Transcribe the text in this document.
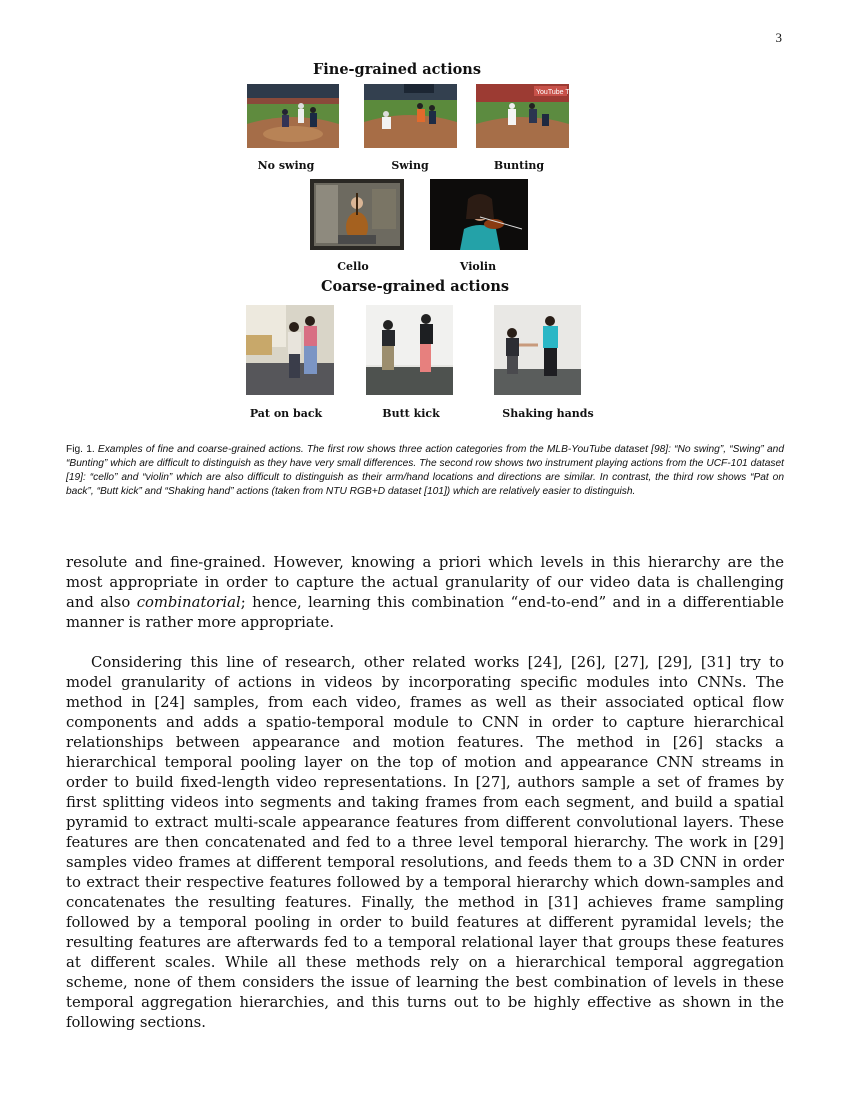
3
Fine-grained actions
YouTube TV
No swing	Swing	Bunting
Cello	Violin
Coarse-grained actions
Pat on back	Butt kick	Shaking hands
Fig. 1. Examples of fine and coarse-grained actions. The first row shows three action categories from the MLB-YouTube dataset [98]: “No swing”, “Swing” and “Bunting” which are difficult to distinguish as they have very small differences. The second row shows two instrument playing actions from the UCF-101 dataset [19]: “cello” and “violin” which are also difficult to distinguish as their arm/hand locations and directions are similar. In contrast, the third row shows “Pat on back”, “Butt kick” and “Shaking hand” actions (taken from NTU RGB+D dataset [101]) which are relatively easier to distinguish.

resolute and fine-grained. However, knowing a priori which levels in this hierarchy are the most appropriate in order to capture the actual granularity of our video data is challenging and also combinatorial; hence, learning this combination “end-to-end” and in a differentiable manner is rather more appropriate.

Considering this line of research, other related works [24], [26], [27], [29], [31] try to model granularity of actions in videos by incorporating specific modules into CNNs. The method in [24] samples, from each video, frames as well as their associated optical flow components and adds a spatio-temporal module to CNN in order to capture hierarchical relationships between appearance and motion features. The method in [26] stacks a hierarchical temporal pooling layer on the top of motion and appearance CNN streams in order to build fixed-length video representations. In [27], authors sample a set of frames by first splitting videos into segments and taking frames from each segment, and build a spatial pyramid to extract multi-scale appearance features from different convolutional layers. These features are then concatenated and fed to a three level temporal hierarchy. The work in [29] samples video frames at different temporal resolutions, and feeds them to a 3D CNN in order to extract their respective features followed by a temporal hierarchy which down-samples and concatenates the resulting features. Finally, the method in [31] achieves frame sampling followed by a temporal pooling in order to build features at different pyramidal levels; the resulting features are afterwards fed to a temporal relational layer that groups these features at different scales. While all these methods rely on a hierarchical temporal aggregation scheme, none of them considers the issue of learning the best combination of levels in these temporal aggregation hierarchies, and this turns out to be highly effective as shown in the following sections.
